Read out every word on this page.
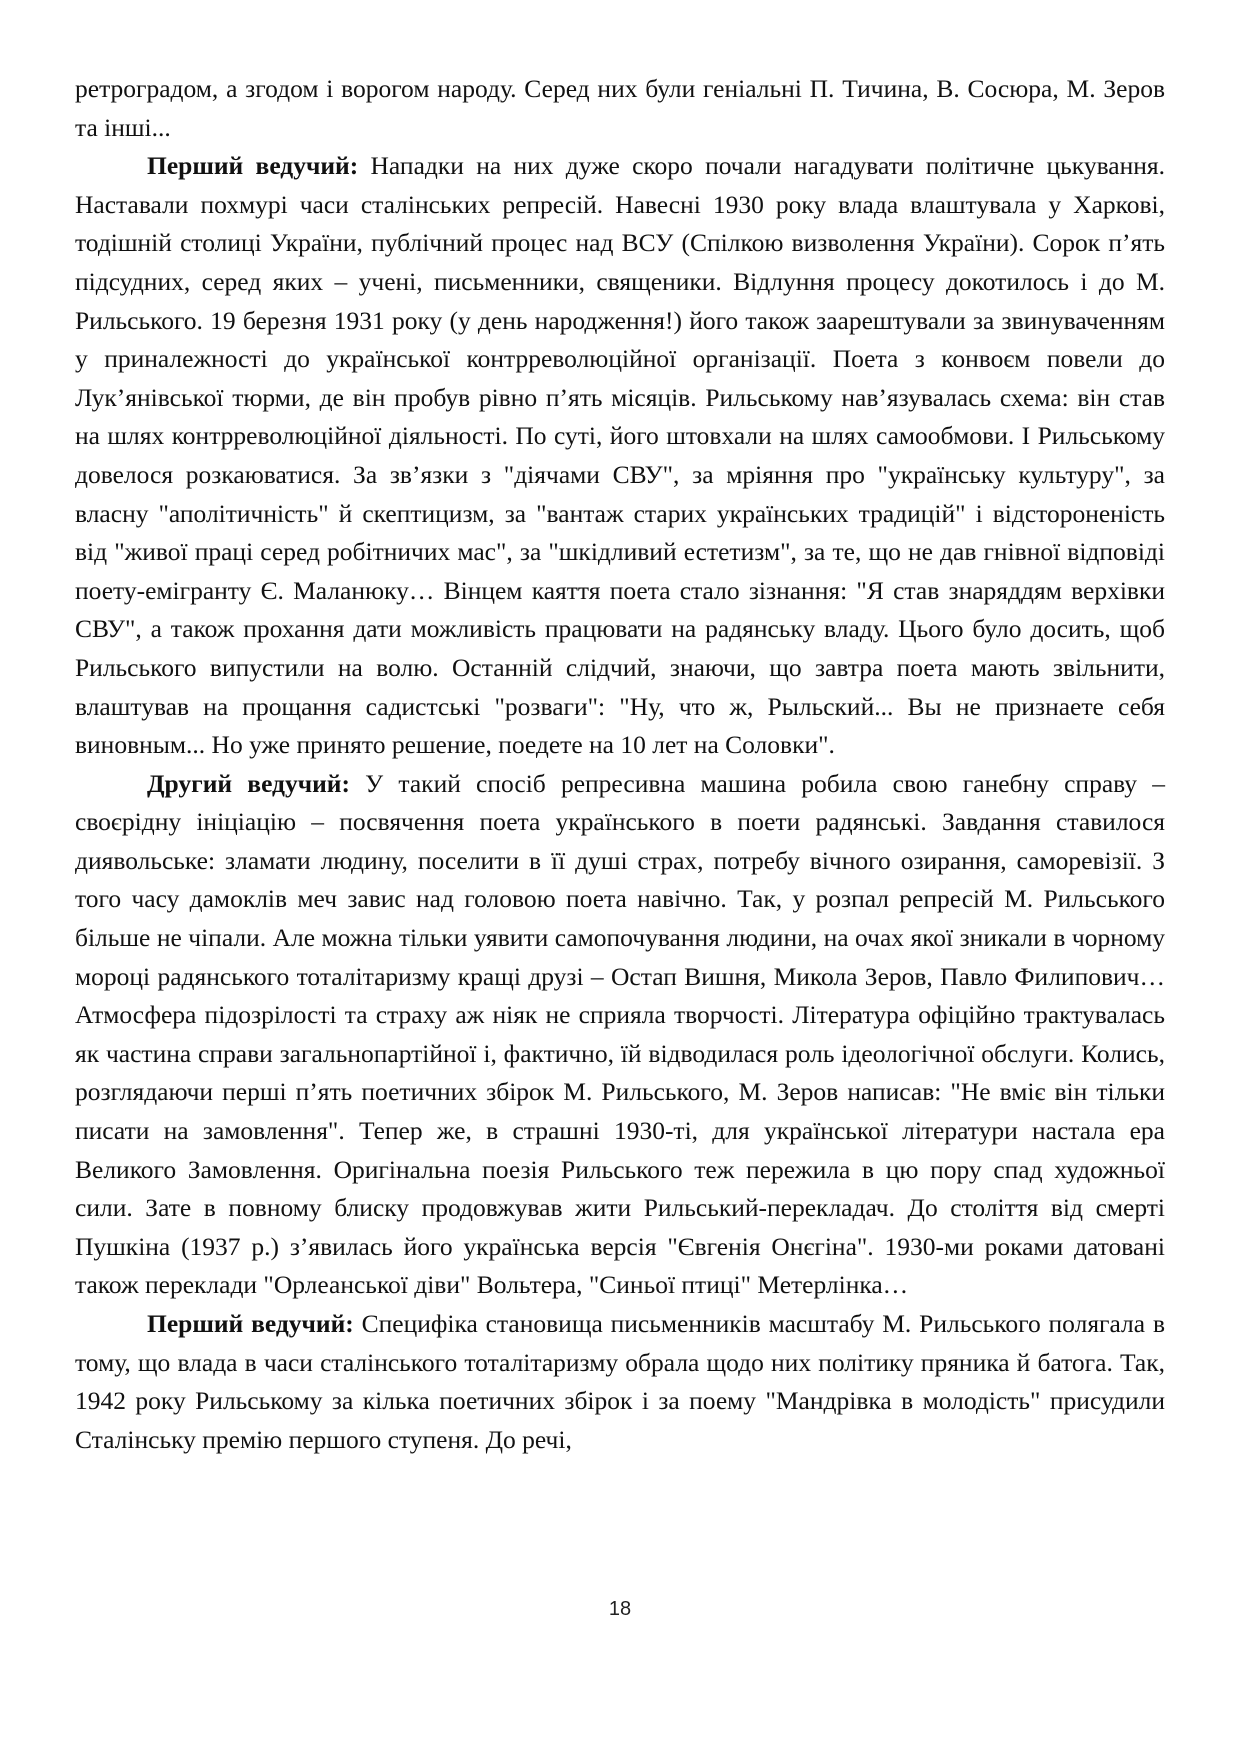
ретроградом, а згодом і ворогом народу. Серед них були геніальні П. Тичина, В. Сосюра, М. Зеров та інші...

Перший ведучий: Нападки на них дуже скоро почали нагадувати політичне цькування. Наставали похмурі часи сталінських репресій. Навесні 1930 року влада влаштувала у Харкові, тодішній столиці України, публічний процес над ВСУ (Спілкою визволення України). Сорок п’ять підсудних, серед яких – учені, письменники, священики. Відлуння процесу докотилось і до М. Рильського. 19 березня 1931 року (у день народження!) його також заарештували за звинуваченням у приналежності до української контрреволюційної організації. Поета з конвоєм повели до Лук’янівської тюрми, де він пробув рівно п’ять місяців. Рильському нав’язувалась схема: він став на шлях контрреволюційної діяльності. По суті, його штовхали на шлях самообмови. І Рильському довелося розкаюватися. За зв’язки з "діячами СВУ", за мріяння про "українську культуру", за власну "аполітичність" й скептицизм, за "вантаж старих українських традицій" і відстороненість від "живої праці серед робітничих мас", за "шкідливий естетизм", за те, що не дав гнівної відповіді поету-емігранту Є. Маланюку… Вінцем каяття поета стало зізнання: "Я став знаряддям верхівки СВУ", а також прохання дати можливість працювати на радянську владу. Цього було досить, щоб Рильського випустили на волю. Останній слідчий, знаючи, що завтра поета мають звільнити, влаштував на прощання садистські "розваги": "Ну, что ж, Рыльский... Вы не признаете себя виновным... Но уже принято решение, поедете на 10 лет на Соловки".

Другий ведучий: У такий спосіб репресивна машина робила свою ганебну справу – своєрідну ініціацію – посвячення поета українського в поети радянські. Завдання ставилося диявольське: зламати людину, поселити в її душі страх, потребу вічного озирання, саморевізії. З того часу дамоклів меч завис над головою поета навічно. Так, у розпал репресій М. Рильського більше не чіпали. Але можна тільки уявити самопочування людини, на очах якої зникали в чорному мороці радянського тоталітаризму кращі друзі – Остап Вишня, Микола Зеров, Павло Филипович… Атмосфера підозрілості та страху аж ніяк не сприяла творчості. Література офіційно трактувалась як частина справи загальнопартійної і, фактично, їй відводилася роль ідеологічної обслуги. Колись, розглядаючи перші п’ять поетичних збірок М. Рильського, М. Зеров написав: "Не вміє він тільки писати на замовлення". Тепер же, в страшні 1930-ті, для української літератури настала ера Великого Замовлення. Оригінальна поезія Рильського теж пережила в цю пору спад художньої сили. Зате в повному блиску продовжував жити Рильський-перекладач. До століття від смерті Пушкіна (1937 р.) з’явилась його українська версія "Євгенія Онєгіна". 1930-ми роками датовані також переклади "Орлеанської діви" Вольтера, "Синьої птиці" Метерлінка…

Перший ведучий: Специфіка становища письменників масштабу М. Рильського полягала в тому, що влада в часи сталінського тоталітаризму обрала щодо них політику пряника й батога. Так, 1942 року Рильському за кілька поетичних збірок і за поему "Мандрівка в молодість" присудили Сталінську премію першого ступеня. До речі,

18
